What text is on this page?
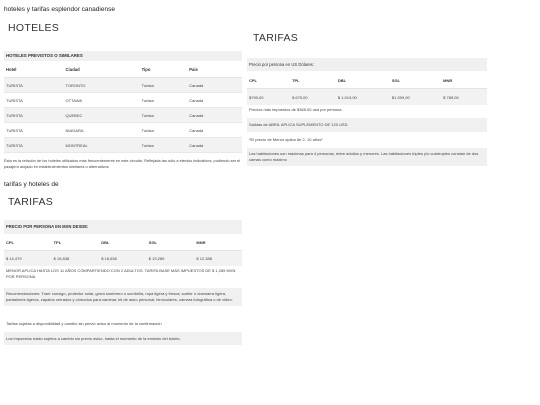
hoteles y tarifas esplendor canadiense
HOTELES
HOTELES PREVISTOS O SIMILARES
Hotel	Ciudad	Tipo	Pais
TURISTA	TORONTO	Turista	Canadá
TURISTA	OTTAWA	Turista	Canadá
TURISTA	QUEBEC	Turista	Canadá
TURISTA	NIAGARA	Turista	Canadá
TURISTA	MONTREAL	Turista	Canadá
Ésta es la relación de los hoteles utilizados más frecuentemente en este circuito. Reflejada tan sólo a efectos indicativos, pudiendo ser el pasajero alojado en establecimientos similares o alternativos
TARIFAS
Precio por persona en US Dólares:
CPL	TPL	DBL	SGL	MNR
$799,00	$ 679,00	$ 1.019,00	$1.399,00	$ 789,00
Precios más impuestos de $365.00 usd por persona
Salidas de ABRIL APLICA SUPLEMENTO DE 120 USD
*El precio de Menor aplica de 2- 10 años*
Las habitaciones son máximas para 4 personas, entre adultos y menores. Las habitaciones triples y/o cuádruples constan de dos camas como máximo
tarifas y hoteles de
TARIFAS
PRECIO POR PERSONA EN MXN DESDE:
CPL	TPL	DBL	SGL	MNR
$ 14,479	$ 15,838	$ 18,538	$ 19,289	$ 12,388
MENOR APLICA HASTA LOS 11 AÑOS COMPARTIENDO CON 2 ADULTOS. TARIFA BASE MÁS IMPUESTOS DE $ 1,289 MXN POR PERSONA
Recomendaciones: Traer consigo, protector solar, gorra sombrero o sombrilla, ropa ligera y fresca, suéter o chamarra ligera, pantalones ligeros, zapatos cerrados y cómodos para caminar, kit de aseo personal, binoculares, cámara fotográfica o de video.
Tarifas sujetas a disponibilidad y cambio sin previo aviso al momento de la confirmación
Los impuestos están sujetos a cambio sin previo aviso, hasta el momento de la emisión del boleto.
